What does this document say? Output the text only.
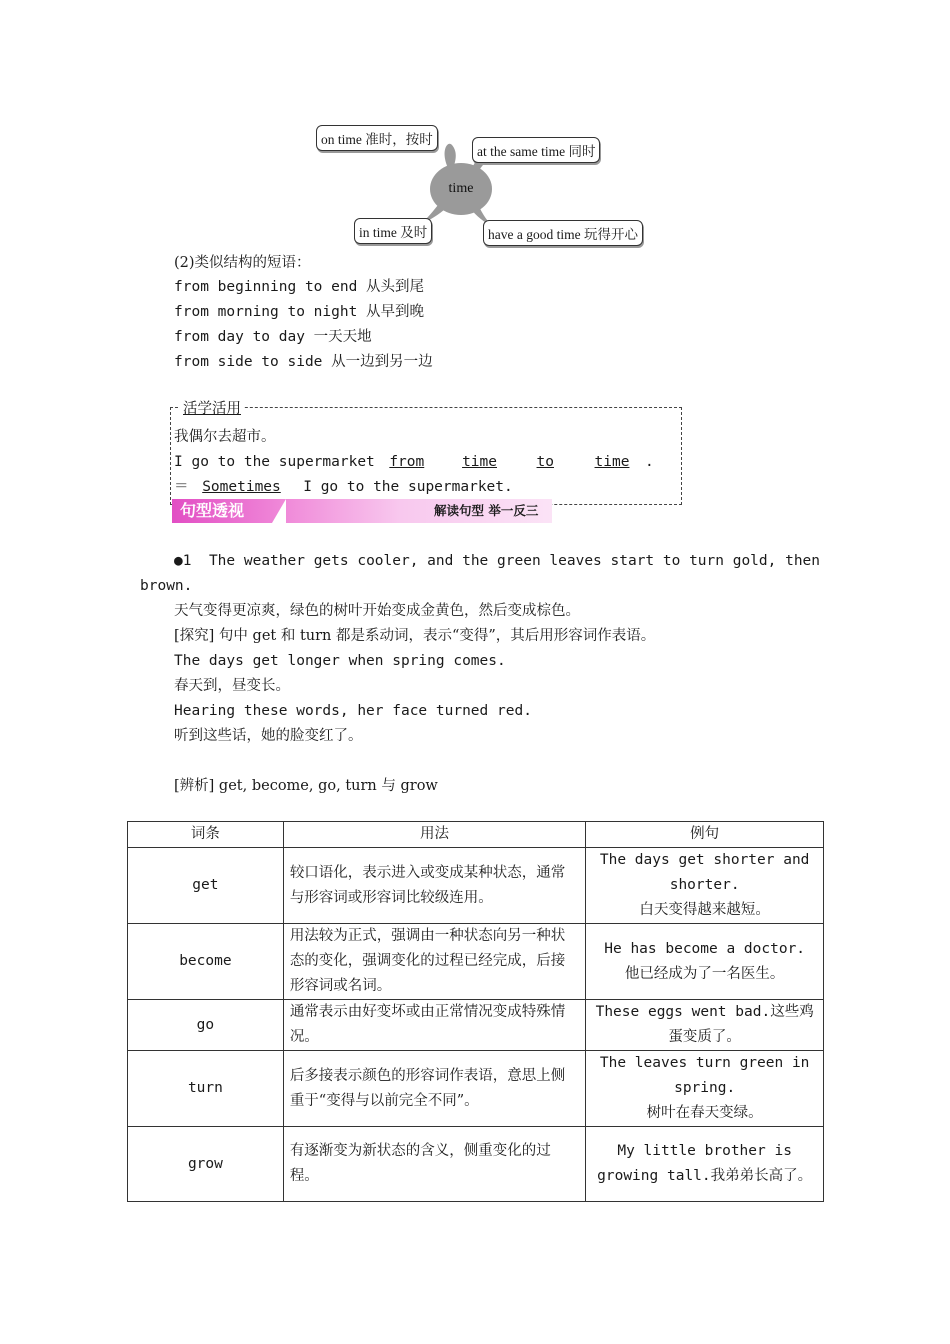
time
on time 准时，按时
at the same time 同时
in time 及时	have a good time 玩得开心
(2)类似结构的短语：
from beginning to end 从头到尾
from morning to night 从早到晚
from day to day 一天天地
from side to side 从一边到另一边
活学活用
我偶尔去超市。
I go to the supermarket from	time	to	time .
＝ Sometimes I go to the supermarket.
句型透视	解读句型 举一反三
●1 The weather gets cooler, and the green leaves start to turn gold, then
brown.
天气变得更凉爽，绿色的树叶开始变成金黄色，然后变成棕色。
[探究] 句中 get 和 turn 都是系动词，表示“变得”，其后用形容词作表语。
The days get longer when spring comes.
春天到，昼变长。
Hearing these words, her face turned red.
听到这些话，她的脸变红了。
[辨析] get, become, go, turn 与 grow
词条	用法	例句
get	较口语化，表示进入或变成某种状态，通常与形容词或形容词比较级连用。	The days get shorter and shorter.
白天变得越来越短。
become	用法较为正式，强调由一种状态向另一种状态的变化，强调变化的过程已经完成，后接形容词或名词。	He has become a doctor.
他已经成为了一名医生。
go	通常表示由好变坏或由正常情况变成特殊情况。	These eggs went bad.这些鸡蛋变质了。
turn	后多接表示颜色的形容词作表语，意思上侧重于“变得与以前完全不同”。	The leaves turn green in spring.
树叶在春天变绿。
grow	有逐渐变为新状态的含义，侧重变化的过程。	My little brother is growing tall.我弟弟长高了。
